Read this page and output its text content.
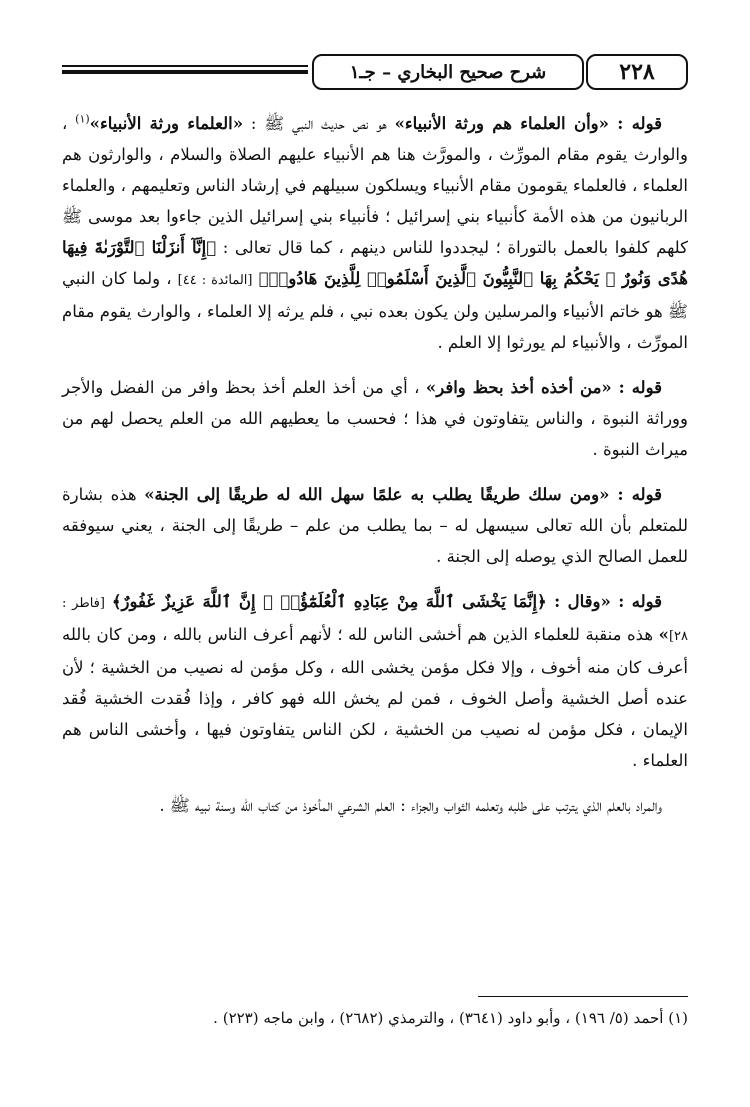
شرح صحيح البخاري – جـ١	٢٢٨

قوله : «وأن العلماء هم ورثة الأنبياء» هو نص حديث النبي ﷺ : «العلماء ورثة الأنبياء»$^{(١)}$ ، والوارث يقوم مقام المورِّث ، والمورَّث هنا هم الأنبياء عليهم الصلاة والسلام ، والوارثون هم العلماء ، فالعلماء يقومون مقام الأنبياء ويسلكون سبيلهم في إرشاد الناس وتعليمهم ، والعلماء الربانيون من هذه الأمة كأنبياء بني إسرائيل ؛ فأنبياء بني إسرائيل الذين جاءوا بعد موسى ﷺ كلهم كلفوا بالعمل بالتوراة ؛ ليجددوا للناس دينهم ، كما قال تعالى : ﴿إِنَّآ أَنزَلْنَا ٱلتَّوْرَىٰةَ فِيهَا هُدًى وَنُورٌ ۚ يَحْكُمُ بِهَا ٱلنَّبِيُّونَ ٱلَّذِينَ أَسْلَمُوا۟ لِلَّذِينَ هَادُوا۟﴾ [المائدة : ٤٤] ، ولما كان النبي ﷺ هو خاتم الأنبياء والمرسلين ولن يكون بعده نبي ، فلم يرثه إلا العلماء ، والوارث يقوم مقام المورِّث ، والأنبياء لم يورثوا إلا العلم .

قوله : «من أخذه أخذ بحظ وافر» ، أي من أخذ العلم أخذ بحظ وافر من الفضل والأجر ووراثة النبوة ، والناس يتفاوتون في هذا ؛ فحسب ما يعطيهم الله من العلم يحصل لهم من ميراث النبوة .

قوله : «ومن سلك طريقًا يطلب به علمًا سهل الله له طريقًا إلى الجنة» هذه بشارة للمتعلم بأن الله تعالى سيسهل له – بما يطلب من علم – طريقًا إلى الجنة ، يعني سيوفقه للعمل الصالح الذي يوصله إلى الجنة .

قوله : «وقال : ﴿إِنَّمَا يَخْشَى ٱللَّهَ مِنْ عِبَادِهِ ٱلْعُلَمَٰٓؤُا۟ ۗ إِنَّ ٱللَّهَ عَزِيزٌ غَفُورٌ﴾ [فاطر : ٢٨]» هذه منقبة للعلماء الذين هم أخشى الناس لله ؛ لأنهم أعرف الناس بالله ، ومن كان بالله أعرف كان منه أخوف ، وإلا فكل مؤمن يخشى الله ، وكل مؤمن له نصيب من الخشية ؛ لأن عنده أصل الخشية وأصل الخوف ، فمن لم يخش الله فهو كافر ، وإذا فُقدت الخشية فُقد الإيمان ، فكل مؤمن له نصيب من الخشية ، لكن الناس يتفاوتون فيها ، وأخشى الناس هم العلماء .

والمراد بالعلم الذي يترتب على طلبه وتعلمه الثواب والجزاء : العلم الشرعي المأخوذ من كتاب الله وسنة نبيه ﷺ .

(١) أحمد (٥/ ١٩٦) ، وأبو داود (٣٦٤١) ، والترمذي (٢٦٨٢) ، وابن ماجه (٢٢٣) .
